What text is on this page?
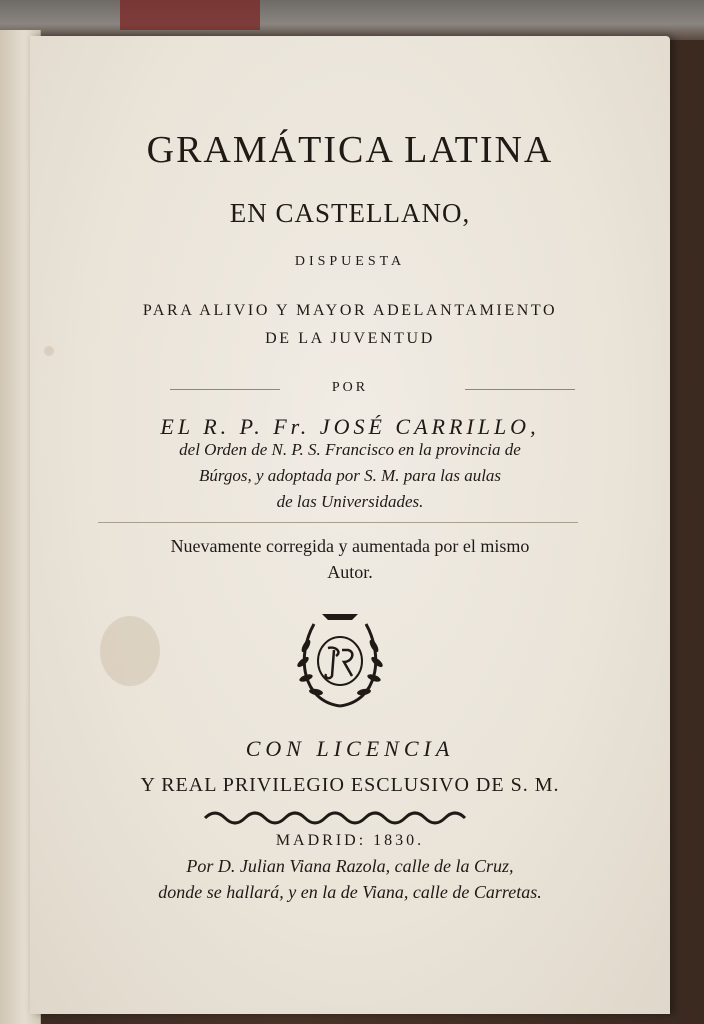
GRAMÁTICA LATINA
EN CASTELLANO,
DISPUESTA
PARA ALIVIO Y MAYOR ADELANTAMIENTO
DE LA JUVENTUD
POR
EL R. P. Fr. JOSÉ CARRILLO,
del Orden de N. P. S. Francisco en la provincia de
Búrgos, y adoptada por S. M. para las aulas
de las Universidades.
Nuevamente corregida y aumentada por el mismo
Autor.
CON LICENCIA
Y REAL PRIVILEGIO ESCLUSIVO DE S. M.
MADRID: 1830.
Por D. Julian Viana Razola, calle de la Cruz,
donde se hallará, y en la de Viana, calle de Carretas.
